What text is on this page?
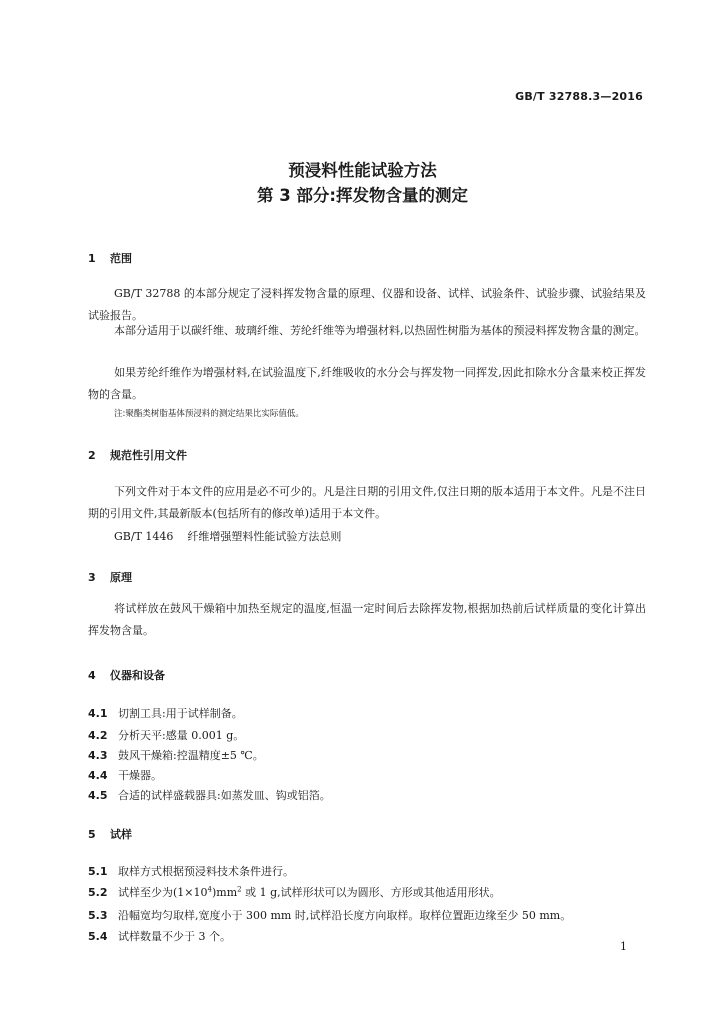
GB/T 32788.3—2016
预浸料性能试验方法
第 3 部分:挥发物含量的测定
1 范围
GB/T 32788 的本部分规定了浸料挥发物含量的原理、仪器和设备、试样、试验条件、试验步骤、试验结果及试验报告。
本部分适用于以碳纤维、玻璃纤维、芳纶纤维等为增强材料,以热固性树脂为基体的预浸料挥发物含量的测定。
如果芳纶纤维作为增强材料,在试验温度下,纤维吸收的水分会与挥发物一同挥发,因此扣除水分含量来校正挥发物的含量。
注:聚酯类树脂基体预浸料的测定结果比实际值低。
2 规范性引用文件
下列文件对于本文件的应用是必不可少的。凡是注日期的引用文件,仅注日期的版本适用于本文件。凡是不注日期的引用文件,其最新版本(包括所有的修改单)适用于本文件。
GB/T 1446 纤维增强塑料性能试验方法总则
3 原理
将试样放在鼓风干燥箱中加热至规定的温度,恒温一定时间后去除挥发物,根据加热前后试样质量的变化计算出挥发物含量。
4 仪器和设备
4.1 切割工具:用于试样制备。
4.2 分析天平:感量 0.001 g。
4.3 鼓风干燥箱:控温精度±5 ℃。
4.4 干燥器。
4.5 合适的试样盛载器具:如蒸发皿、钩或铝箔。
5 试样
5.1 取样方式根据预浸料技术条件进行。
5.2 试样至少为$(1\times 10^4)mm^2$ 或 1 g,试样形状可以为圆形、方形或其他适用形状。
5.3 沿幅宽均匀取样,宽度小于 300 mm 时,试样沿长度方向取样。取样位置距边缘至少 50 mm。
5.4 试样数量不少于 3 个。
1
